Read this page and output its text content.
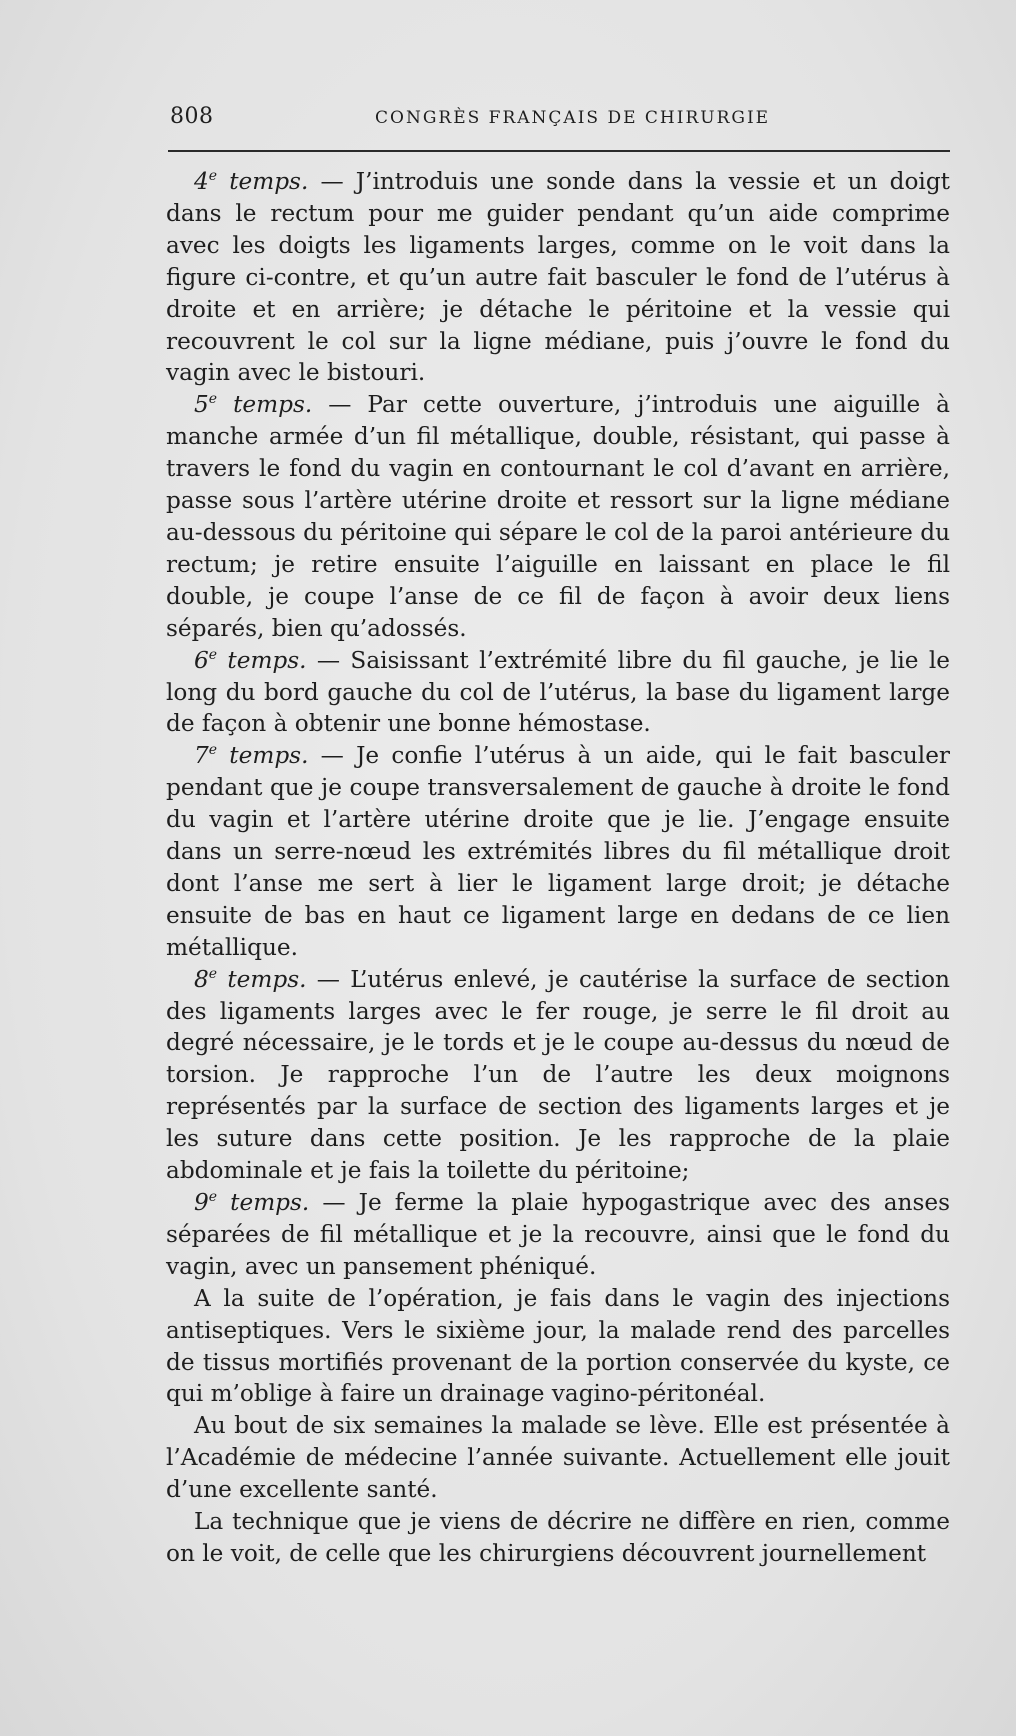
808	CONGRÈS FRANÇAIS DE CHIRURGIE

4e temps. — J’introduis une sonde dans la vessie et un doigt dans le rectum pour me guider pendant qu’un aide comprime avec les doigts les ligaments larges, comme on le voit dans la figure ci-contre, et qu’un autre fait basculer le fond de l’utérus à droite et en arrière; je détache le péritoine et la vessie qui recouvrent le col sur la ligne médiane, puis j’ouvre le fond du vagin avec le bistouri.

5e temps. — Par cette ouverture, j’introduis une aiguille à manche armée d’un fil métallique, double, résistant, qui passe à travers le fond du vagin en contournant le col d’avant en arrière, passe sous l’artère utérine droite et ressort sur la ligne médiane au-dessous du péritoine qui sépare le col de la paroi antérieure du rectum; je retire ensuite l’aiguille en laissant en place le fil double, je coupe l’anse de ce fil de façon à avoir deux liens séparés, bien qu’adossés.

6e temps. — Saisissant l’extrémité libre du fil gauche, je lie le long du bord gauche du col de l’utérus, la base du ligament large de façon à obtenir une bonne hémostase.

7e temps. — Je confie l’utérus à un aide, qui le fait basculer pendant que je coupe transversalement de gauche à droite le fond du vagin et l’artère utérine droite que je lie. J’engage ensuite dans un serre-nœud les extrémités libres du fil métallique droit dont l’anse me sert à lier le ligament large droit; je détache ensuite de bas en haut ce ligament large en dedans de ce lien métallique.

8e temps. — L’utérus enlevé, je cautérise la surface de section des ligaments larges avec le fer rouge, je serre le fil droit au degré nécessaire, je le tords et je le coupe au-dessus du nœud de torsion. Je rapproche l’un de l’autre les deux moignons représentés par la surface de section des ligaments larges et je les suture dans cette position. Je les rapproche de la plaie abdominale et je fais la toilette du péritoine;

9e temps. — Je ferme la plaie hypogastrique avec des anses séparées de fil métallique et je la recouvre, ainsi que le fond du vagin, avec un pansement phéniqué.

A la suite de l’opération, je fais dans le vagin des injections antiseptiques. Vers le sixième jour, la malade rend des parcelles de tissus mortifiés provenant de la portion conservée du kyste, ce qui m’oblige à faire un drainage vagino-péritonéal.

Au bout de six semaines la malade se lève. Elle est présentée à l’Académie de médecine l’année suivante. Actuellement elle jouit d’une excellente santé.

La technique que je viens de décrire ne diffère en rien, comme on le voit, de celle que les chirurgiens découvrent journellement
